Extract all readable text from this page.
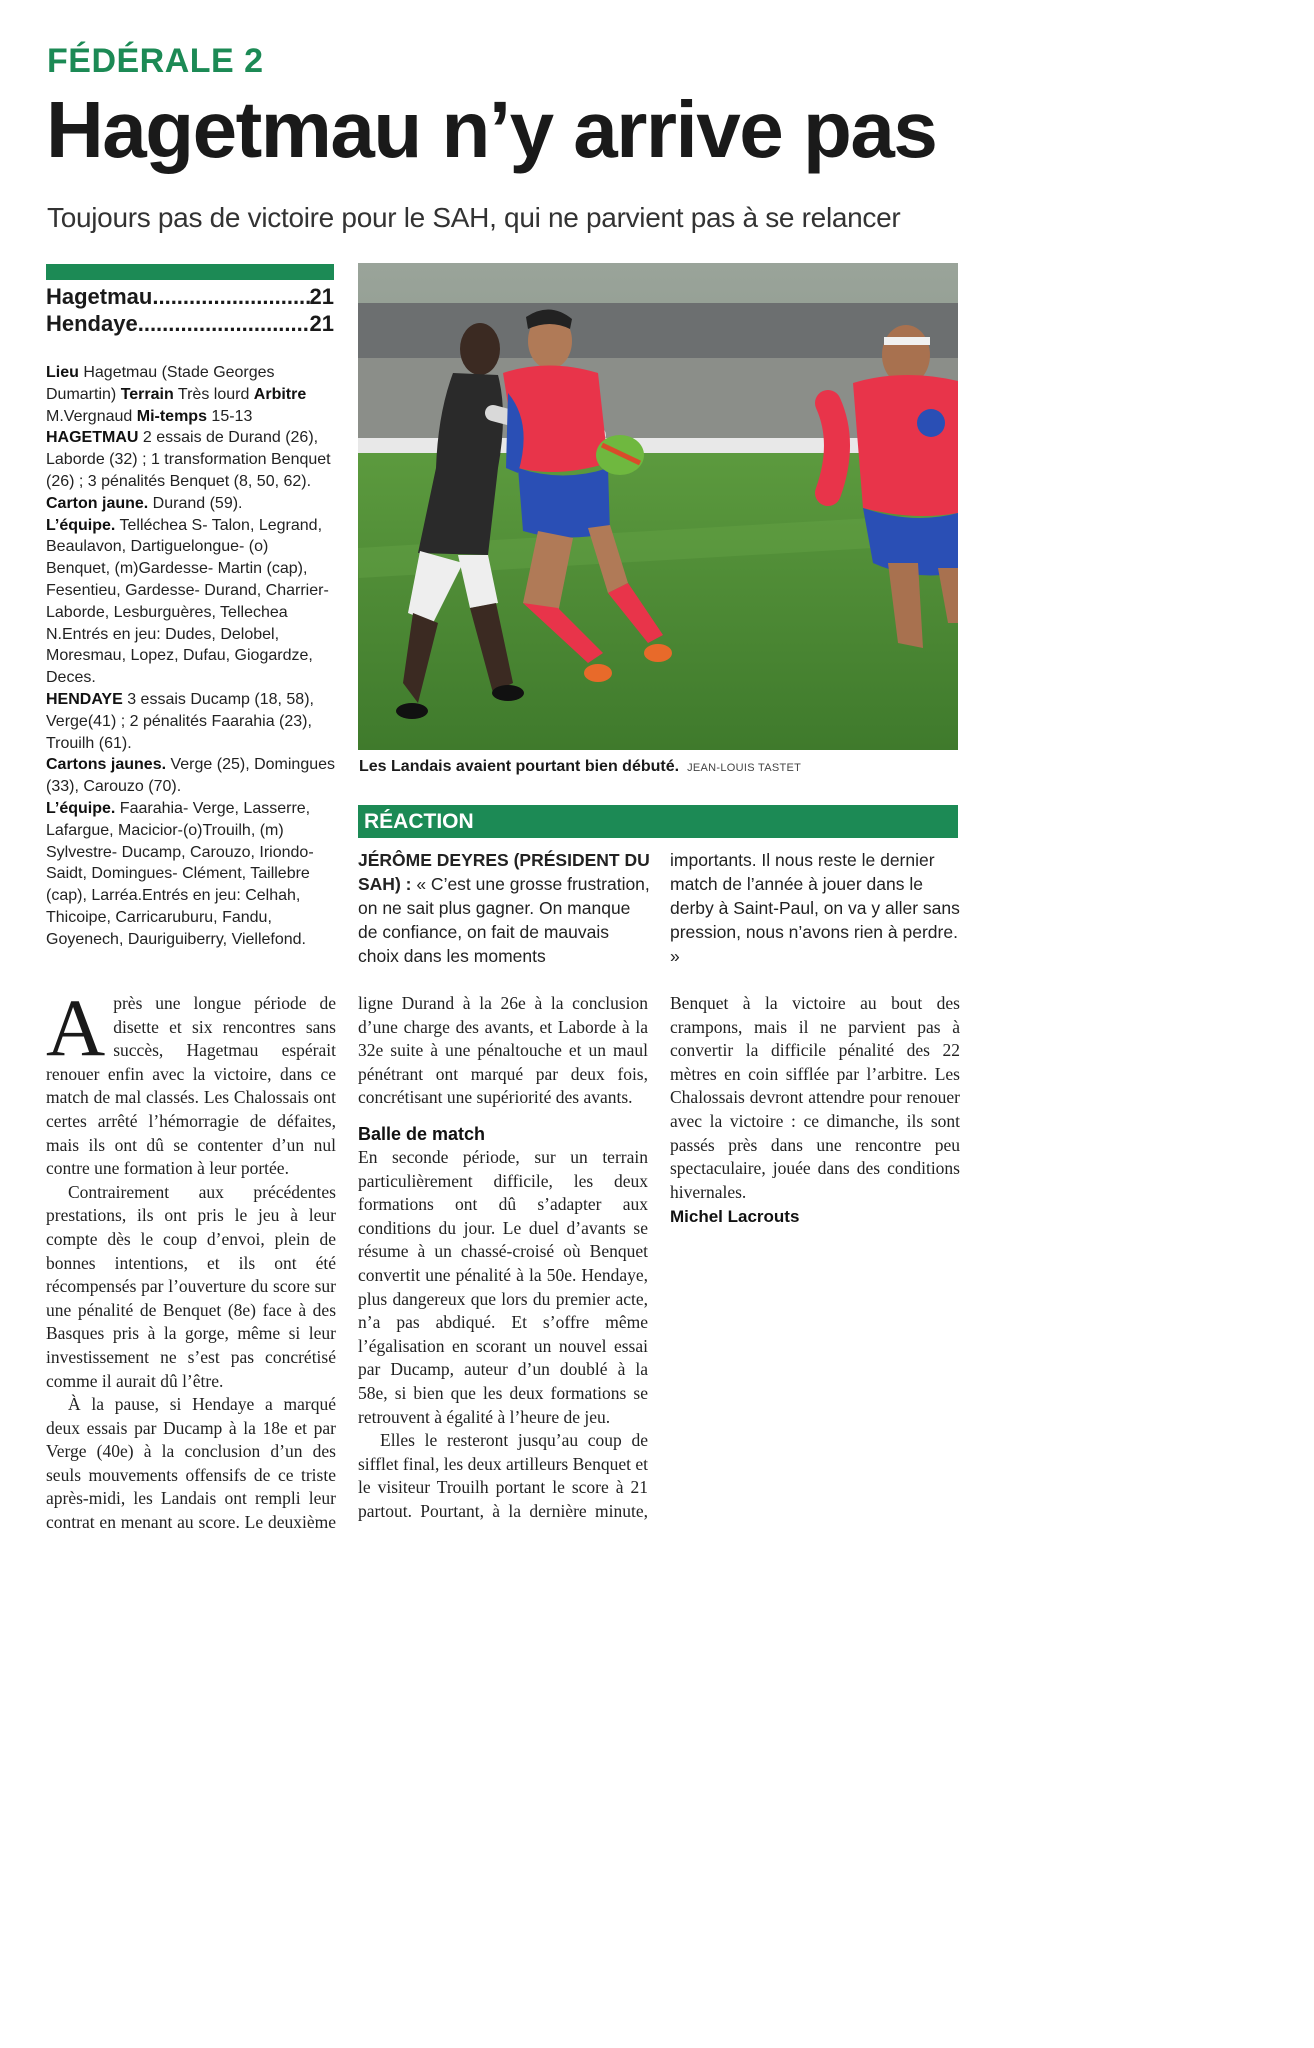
FÉDÉRALE 2
Hagetmau n’y arrive pas
Toujours pas de victoire pour le SAH, qui ne parvient pas à se relancer
Hagetmau .....	21
Hendaye .....	21

Lieu Hagetmau (Stade Georges Dumartin) Terrain Très lourd Arbitre M.Vergnaud Mi-temps 15-13

HAGETMAU 2 essais de Durand (26), Laborde (32) ; 1 transformation Benquet (26) ; 3 pénalités Benquet (8, 50, 62).

Carton jaune. Durand (59).

L’équipe. Telléchea S- Talon, Legrand, Beaulavon, Dartiguelongue- (o) Benquet, (m)Gardesse- Martin (cap), Fesentieu, Gardesse- Durand, Charrier- Laborde, Lesburguères, Tellechea N.Entrés en jeu: Dudes, Delobel, Moresmau, Lopez, Dufau, Giogardze, Deces.

HENDAYE 3 essais Ducamp (18, 58), Verge(41) ; 2 pénalités Faarahia (23), Trouilh (61).

Cartons jaunes. Verge (25), Domingues (33), Carouzo (70).

L’équipe. Faarahia- Verge, Lasserre, Lafargue, Macicior-(o)Trouilh, (m) Sylvestre- Ducamp, Carouzo, Iriondo- Saidt, Domingues- Clément, Taillebre (cap), Larréa.Entrés en jeu: Celhah, Thicoipe, Carricaruburu, Fandu, Goyenech, Dauriguiberry, Viellefond.

Les Landais avaient pourtant bien débuté. JEAN-LOUIS TASTET
RÉACTION
JÉRÔME DEYRES (PRÉSIDENT DU SAH) : « C’est une grosse frustration, on ne sait plus gagner. On manque de confiance, on fait de mauvais choix dans les moments
importants. Il nous reste le dernier match de l’année à jouer dans le derby à Saint-Paul, on va y aller sans pression, nous n’avons rien à perdre. »

Après une longue période de disette et six rencontres sans succès, Hagetmau espérait renouer enfin avec la victoire, dans ce match de mal classés. Les Chalossais ont certes arrêté l’hémorragie de défaites, mais ils ont dû se contenter d’un nul contre une formation à leur portée.

Contrairement aux précédentes prestations, ils ont pris le jeu à leur compte dès le coup d’envoi, plein de bonnes intentions, et ils ont été récompensés par l’ouverture du score sur une pénalité de Benquet (8e) face à des Basques pris à la gorge, même si leur investissement ne s’est pas concrétisé comme il aurait dû l’être.

À la pause, si Hendaye a marqué deux essais par Ducamp à la 18e et par Verge (40e) à la conclusion d’un des seuls mouvements offensifs de ce triste après-midi, les Landais ont rempli leur contrat en menant au score. Le deuxième

ligne Durand à la 26e à la conclusion d’une charge des avants, et Laborde à la 32e suite à une pénaltouche et un maul pénétrant ont marqué par deux fois, concrétisant une supériorité des avants.

Balle de match

En seconde période, sur un terrain particulièrement difficile, les deux formations ont dû s’adapter aux conditions du jour. Le duel d’avants se résume à un chassé-croisé où Benquet convertit une pénalité à la 50e. Hendaye, plus dangereux que lors du premier acte, n’a pas abdiqué. Et s’offre même l’égalisation en scorant un nouvel essai par Ducamp, auteur d’un doublé à la 58e, si bien que les deux formations se retrouvent à égalité à l’heure de jeu.

Elles le resteront jusqu’au coup de sifflet final, les deux artilleurs Benquet et le visiteur Trouilh portant le score à 21 partout. Pourtant, à la dernière minute,

Benquet à la victoire au bout des crampons, mais il ne parvient pas à convertir la difficile pénalité des 22 mètres en coin sifflée par l’arbitre. Les Chalossais devront attendre pour renouer avec la victoire : ce dimanche, ils sont passés près dans une rencontre peu spectaculaire, jouée dans des conditions hivernales.

Michel Lacrouts
